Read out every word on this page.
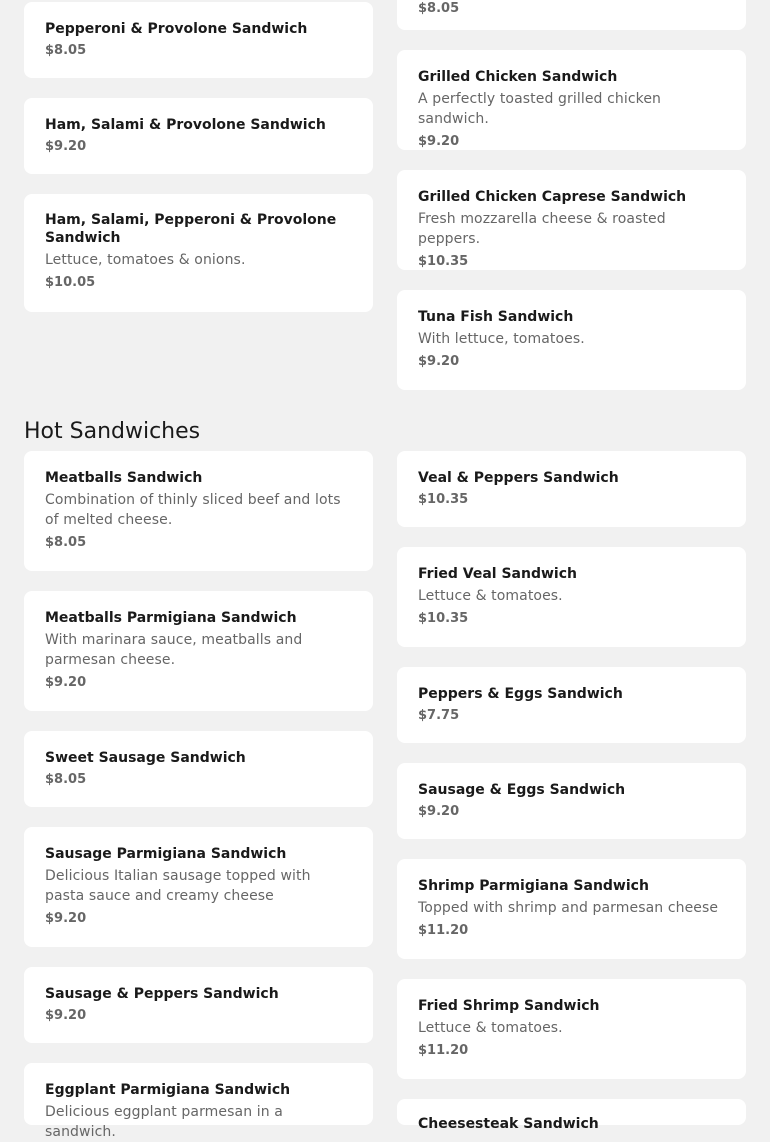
Pepperoni & Provolone Sandwich
$8.05
Ham, Salami & Provolone Sandwich
$9.20
Ham, Salami, Pepperoni & Provolone Sandwich
Lettuce, tomatoes & onions.
$10.05
$8.05
Grilled Chicken Sandwich
A perfectly toasted grilled chicken sandwich.
$9.20
Grilled Chicken Caprese Sandwich
Fresh mozzarella cheese & roasted peppers.
$10.35
Tuna Fish Sandwich
With lettuce, tomatoes.
$9.20
Hot Sandwiches
Meatballs Sandwich
Combination of thinly sliced beef and lots of melted cheese.
$8.05
Meatballs Parmigiana Sandwich
With marinara sauce, meatballs and parmesan cheese.
$9.20
Sweet Sausage Sandwich
$8.05
Sausage Parmigiana Sandwich
Delicious Italian sausage topped with pasta sauce and creamy cheese
$9.20
Sausage & Peppers Sandwich
$9.20
Eggplant Parmigiana Sandwich
Delicious eggplant parmesan in a sandwich.
Veal & Peppers Sandwich
$10.35
Fried Veal Sandwich
Lettuce & tomatoes.
$10.35
Peppers & Eggs Sandwich
$7.75
Sausage & Eggs Sandwich
$9.20
Shrimp Parmigiana Sandwich
Topped with shrimp and parmesan cheese
$11.20
Fried Shrimp Sandwich
Lettuce & tomatoes.
$11.20
Cheesesteak Sandwich
